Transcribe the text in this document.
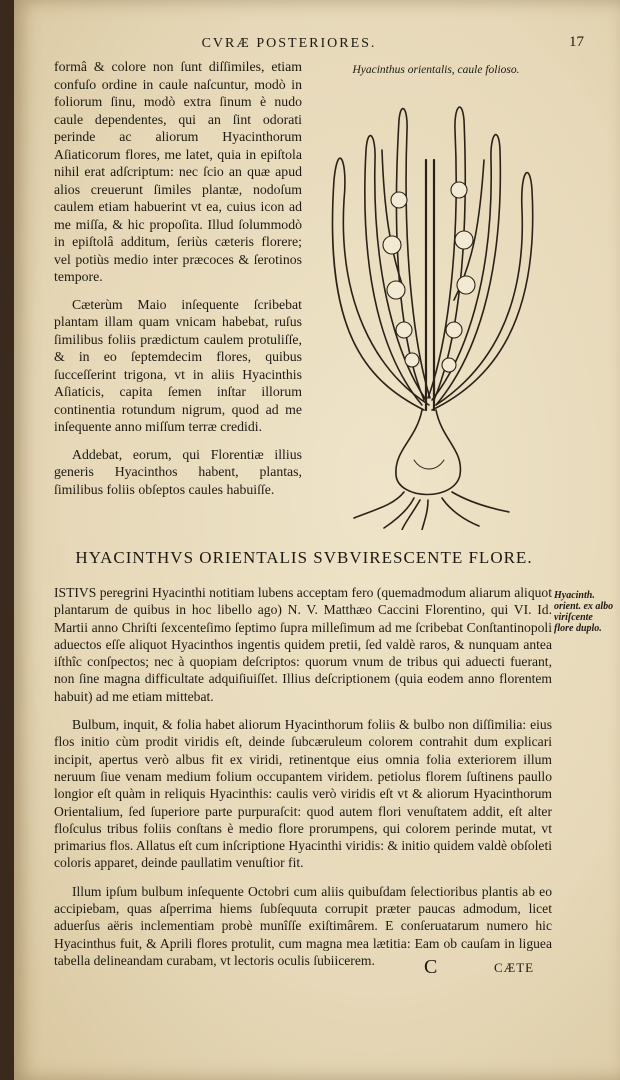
CVRÆ POSTERIORES.	17

formâ & colore non ſunt diſſimiles, etiam confuſo ordine in caule naſcuntur, modò in foliorum ſinu, modò extra ſinum è nudo caule dependentes, qui an ſint odorati perinde ac aliorum Hyacinthorum Aſiaticorum flores, me latet, quia in epiſtola nihil erat adſcriptum: nec ſcio an quæ apud alios creuerunt ſimiles plantæ, nodoſum caulem etiam habuerint vt ea, cuius icon ad me miſſa, & hic propoſita. Illud ſolummodò in epiſtolâ additum, ſeriùs cæteris florere; vel potiùs medio inter præcoces & ſerotinos tempore.

Cæterùm Maio inſequente ſcribebat plantam illam quam vnicam habebat, ruſus ſimilibus foliis prædictum caulem protuliſſe, & in eo ſeptemdecim flores, quibus ſucceſſerint trigona, vt in aliis Hyacinthis Aſiaticis, capita ſemen inſtar illorum continentia rotundum nigrum, quod ad me inſequente anno miſſum terræ credidi.

Addebat, eorum, qui Florentiæ illius generis Hyacinthos habent, plantas, ſimilibus foliis obſeptos caules habuiſſe.

Hyacinthus orientalis, caule folioso.
HYACINTHVS ORIENTALIS SVBVIRESCENTE FLORE.

ISTIVS peregrini Hyacinthi notitiam lubens acceptam fero (quemadmodum aliarum aliquot plantarum de quibus in hoc libello ago) N. V. Matthæo Caccini Florentino, qui VI. Id. Martii anno Chriſti ſexcenteſimo ſeptimo ſupra milleſimum ad me ſcribebat Conſtantinopoli aduectos eſſe aliquot Hyacinthos ingentis quidem pretii, ſed valdè raros, & nunquam antea iſthîc conſpectos; nec à quopiam deſcriptos: quorum vnum de tribus qui aduecti fuerant, non ſine magna difficultate adquiſiuiſſet. Illius deſcriptionem (quia eodem anno florentem habuit) ad me etiam mittebat.

Bulbum, inquit, & folia habet aliorum Hyacinthorum foliis & bulbo non diſſimilia: eius flos initio cùm prodit viridis eſt, deinde ſubcæruleum colorem contrahit dum explicari incipit, apertus verò albus fit ex viridi, retinentque eius omnia folia exteriorem illum neruum ſiue venam medium folium occupantem viridem. petiolus florem ſuſtinens paullo longior eſt quàm in reliquis Hyacinthis: caulis verò viridis eſt vt & aliorum Hyacinthorum Orientalium, ſed ſuperiore parte purpuraſcit: quod autem flori venuſtatem addit, eſt alter floſculus tribus foliis conſtans è medio flore prorumpens, qui colorem perinde mutat, vt primarius flos. Allatus eſt cum inſcriptione Hyacinthi viridis: & initio quidem valdè obſoleti coloris apparet, deinde paullatim venuſtior fit.

Illum ipſum bulbum inſequente Octobri cum aliis quibuſdam ſelectioribus plantis ab eo accipiebam, quas aſperrima hiems ſubſequuta corrupit præter paucas admodum, licet aduerſus aëris inclementiam probè munîſſe exiſtimârem. E conſeruatarum numero hic Hyacinthus fuit, & Aprili flores protulit, cum magna mea lætitia: Eam ob cauſam in liguea tabella delineandam curabam, vt lectoris oculis ſubiicerem.

Hyacinth. orient. ex albo viriſcente flore duplo.
C	CÆTE
